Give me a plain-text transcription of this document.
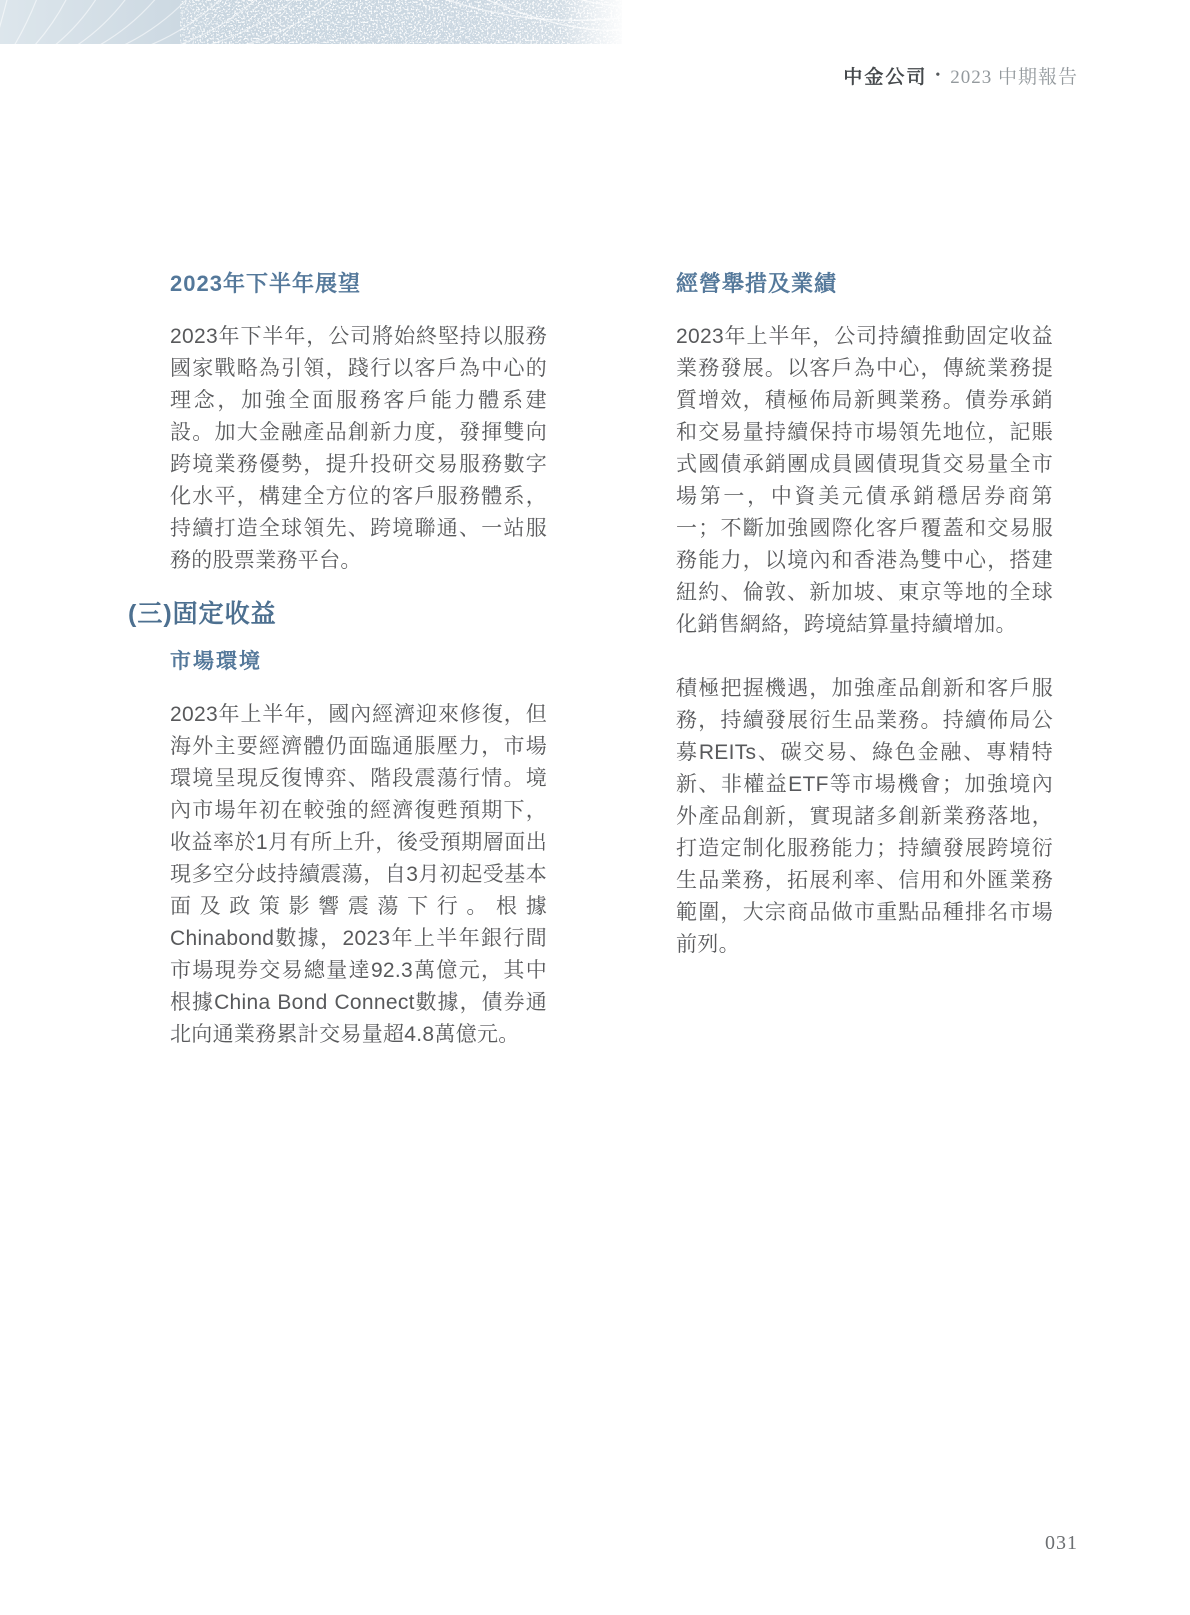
中金公司 • 2023 中期報告
2023年下半年展望

2023年下半年，公司將始終堅持以服務國家戰略為引領，踐行以客戶為中心的理念，加強全面服務客戶能力體系建設。加大金融產品創新力度，發揮雙向跨境業務優勢，提升投研交易服務數字化水平，構建全方位的客戶服務體系，持續打造全球領先、跨境聯通、一站服務的股票業務平台。

(三)固定收益
市場環境

2023年上半年，國內經濟迎來修復，但海外主要經濟體仍面臨通脹壓力，市場環境呈現反復博弈、階段震蕩行情。境內市場年初在較強的經濟復甦預期下，收益率於1月有所上升，後受預期層面出現多空分歧持續震蕩，自3月初起受基本面及政策影響震蕩下行。根據Chinabond數據，2023年上半年銀行間市場現券交易總量達92.3萬億元，其中根據China Bond Connect數據，債券通北向通業務累計交易量超4.8萬億元。

經營舉措及業績

2023年上半年，公司持續推動固定收益業務發展。以客戶為中心，傳統業務提質增效，積極佈局新興業務。債券承銷和交易量持續保持市場領先地位，記賬式國債承銷團成員國債現貨交易量全市場第一，中資美元債承銷穩居券商第一；不斷加強國際化客戶覆蓋和交易服務能力，以境內和香港為雙中心，搭建紐約、倫敦、新加坡、東京等地的全球化銷售網絡，跨境結算量持續增加。

積極把握機遇，加強產品創新和客戶服務，持續發展衍生品業務。持續佈局公募REITs、碳交易、綠色金融、專精特新、非權益ETF等市場機會；加強境內外產品創新，實現諸多創新業務落地，打造定制化服務能力；持續發展跨境衍生品業務，拓展利率、信用和外匯業務範圍，大宗商品做市重點品種排名市場前列。

031
